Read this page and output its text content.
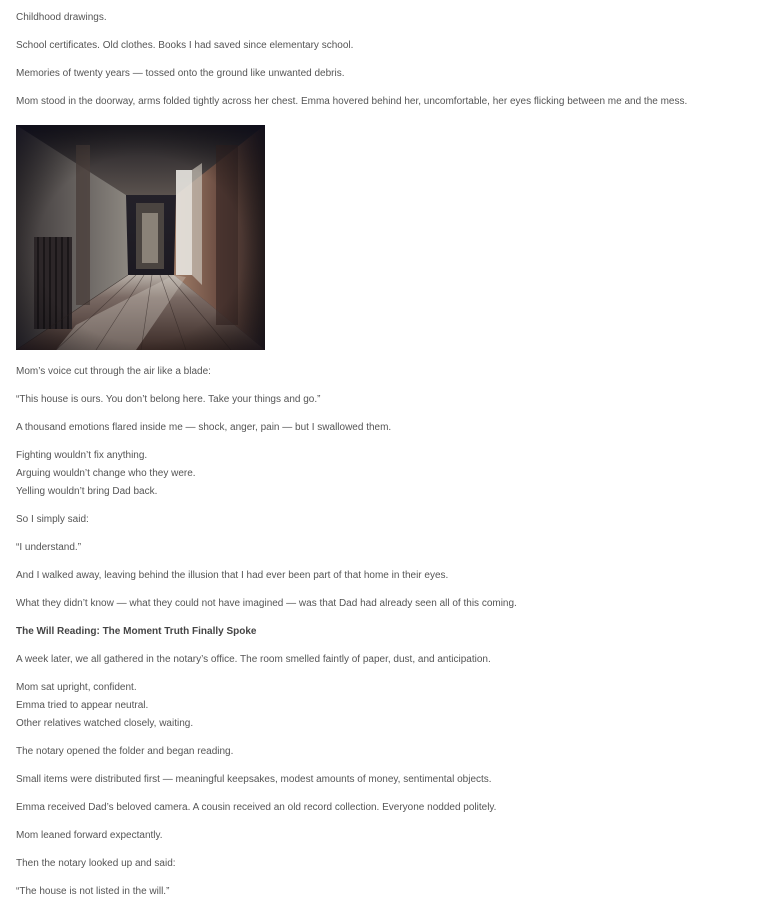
Childhood drawings.

School certificates. Old clothes. Books I had saved since elementary school.

Memories of twenty years — tossed onto the ground like unwanted debris.

Mom stood in the doorway, arms folded tightly across her chest. Emma hovered behind her, uncomfortable, her eyes flicking between me and the mess.

Mom’s voice cut through the air like a blade:

“This house is ours. You don’t belong here. Take your things and go.”

A thousand emotions flared inside me — shock, anger, pain — but I swallowed them.

Fighting wouldn’t fix anything.
Arguing wouldn’t change who they were.
Yelling wouldn’t bring Dad back.

So I simply said:

“I understand.”

And I walked away, leaving behind the illusion that I had ever been part of that home in their eyes.

What they didn’t know — what they could not have imagined — was that Dad had already seen all of this coming.

The Will Reading: The Moment Truth Finally Spoke

A week later, we all gathered in the notary’s office. The room smelled faintly of paper, dust, and anticipation.

Mom sat upright, confident.
Emma tried to appear neutral.
Other relatives watched closely, waiting.

The notary opened the folder and began reading.

Small items were distributed first — meaningful keepsakes, modest amounts of money, sentimental objects.

Emma received Dad’s beloved camera. A cousin received an old record collection. Everyone nodded politely.

Mom leaned forward expectantly.

Then the notary looked up and said:

“The house is not listed in the will.”
